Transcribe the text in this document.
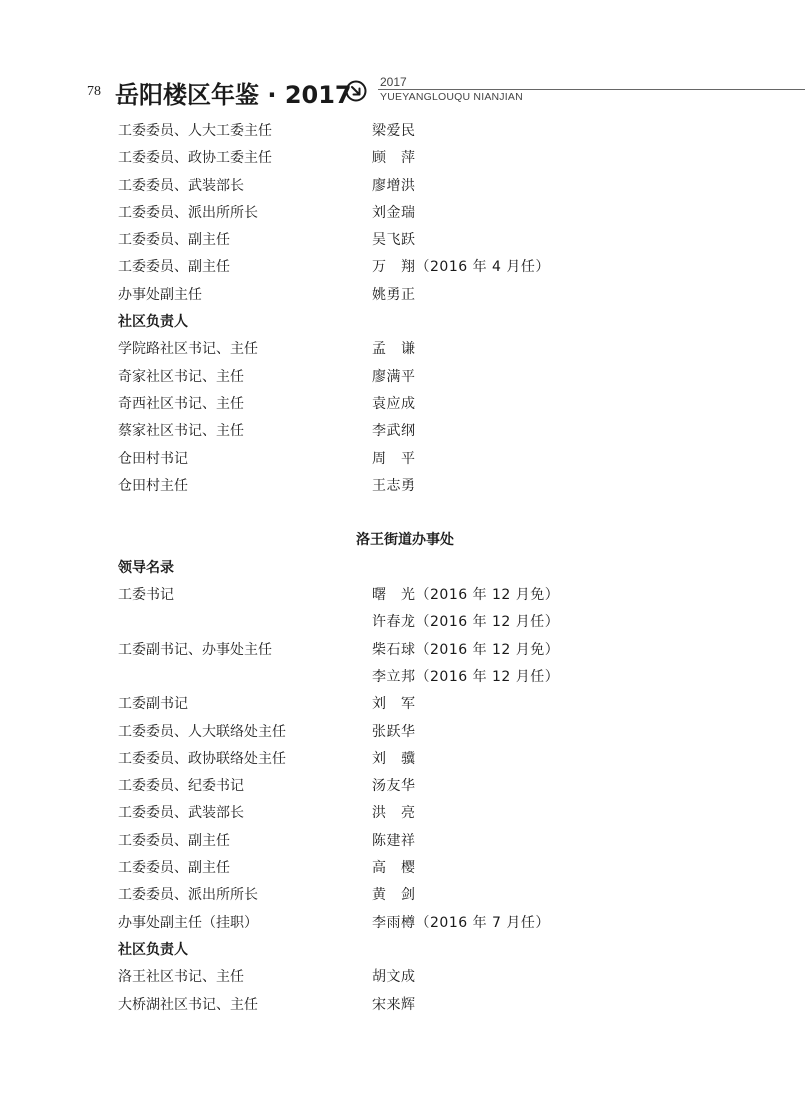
78 岳阳楼区年鉴 · 2017 2017
YUEYANGLOUQU NIANJIAN
工委委员、人大工委主任	梁爱民
工委委员、政协工委主任	顾　萍
工委委员、武装部长	廖增洪
工委委员、派出所所长	刘金瑞
工委委员、副主任	吴飞跃
工委委员、副主任	万　翔（2016 年 4 月任）
办事处副主任	姚勇正
社区负责人
学院路社区书记、主任	孟　谦
奇家社区书记、主任	廖满平
奇西社区书记、主任	袁应成
蔡家社区书记、主任	李武纲
仓田村书记	周　平
仓田村主任	王志勇
洛王街道办事处
领导名录
工委书记	曙　光（2016 年 12 月免）
许春龙（2016 年 12 月任）
工委副书记、办事处主任	柴石球（2016 年 12 月免）
李立邦（2016 年 12 月任）
工委副书记	刘　军
工委委员、人大联络处主任	张跃华
工委委员、政协联络处主任	刘　骥
工委委员、纪委书记	汤友华
工委委员、武装部长	洪　亮
工委委员、副主任	陈建祥
工委委员、副主任	高　樱
工委委员、派出所所长	黄　剑
办事处副主任（挂职）	李雨樽（2016 年 7 月任）
社区负责人
洛王社区书记、主任	胡文成
大桥湖社区书记、主任	宋来辉
